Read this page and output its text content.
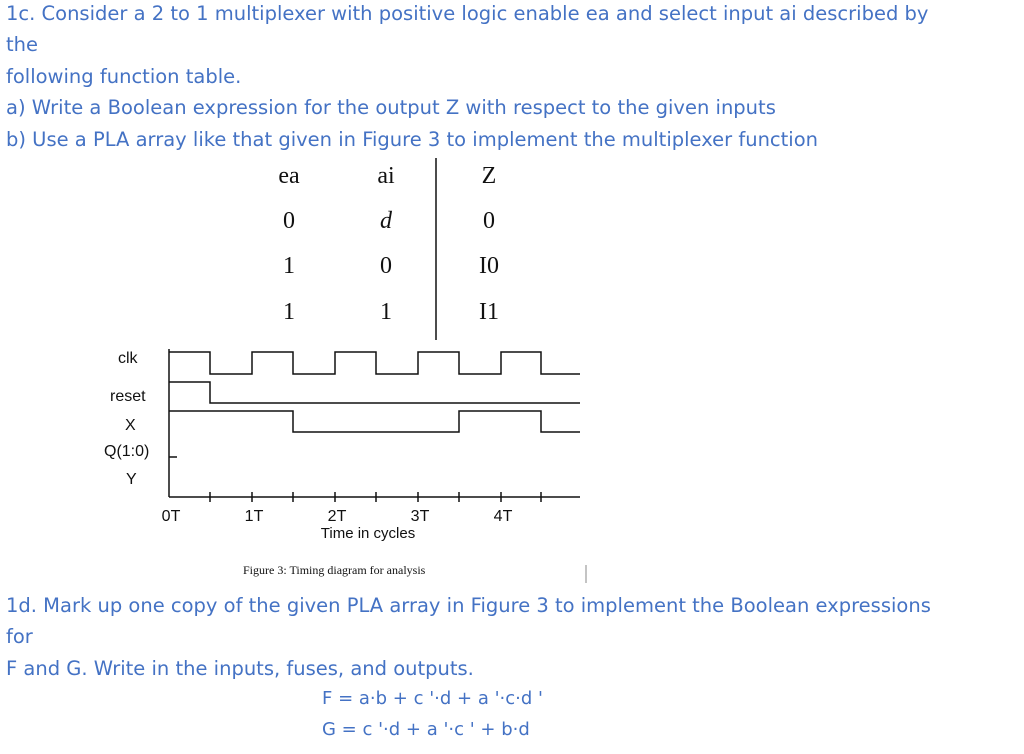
1c. Consider a 2 to 1 multiplexer with positive logic enable ea and select input ai described by
the
following function table.
a) Write a Boolean expression for the output Z with respect to the given inputs
b) Use a PLA array like that given in Figure 3 to implement the multiplexer function
ea	ai	Z
0	d	0
1	0	I0
1	1	I1
clk
reset
X
Q(1:0)
Y
0T	1T	2T	3T	4T
Time in cycles
Figure 3: Timing diagram for analysis
1d. Mark up one copy of the given PLA array in Figure 3 to implement the Boolean expressions
for
F and G. Write in the inputs, fuses, and outputs.
F = a·b + c '·d + a '·c·d '
G = c '·d + a '·c ' + b·d
